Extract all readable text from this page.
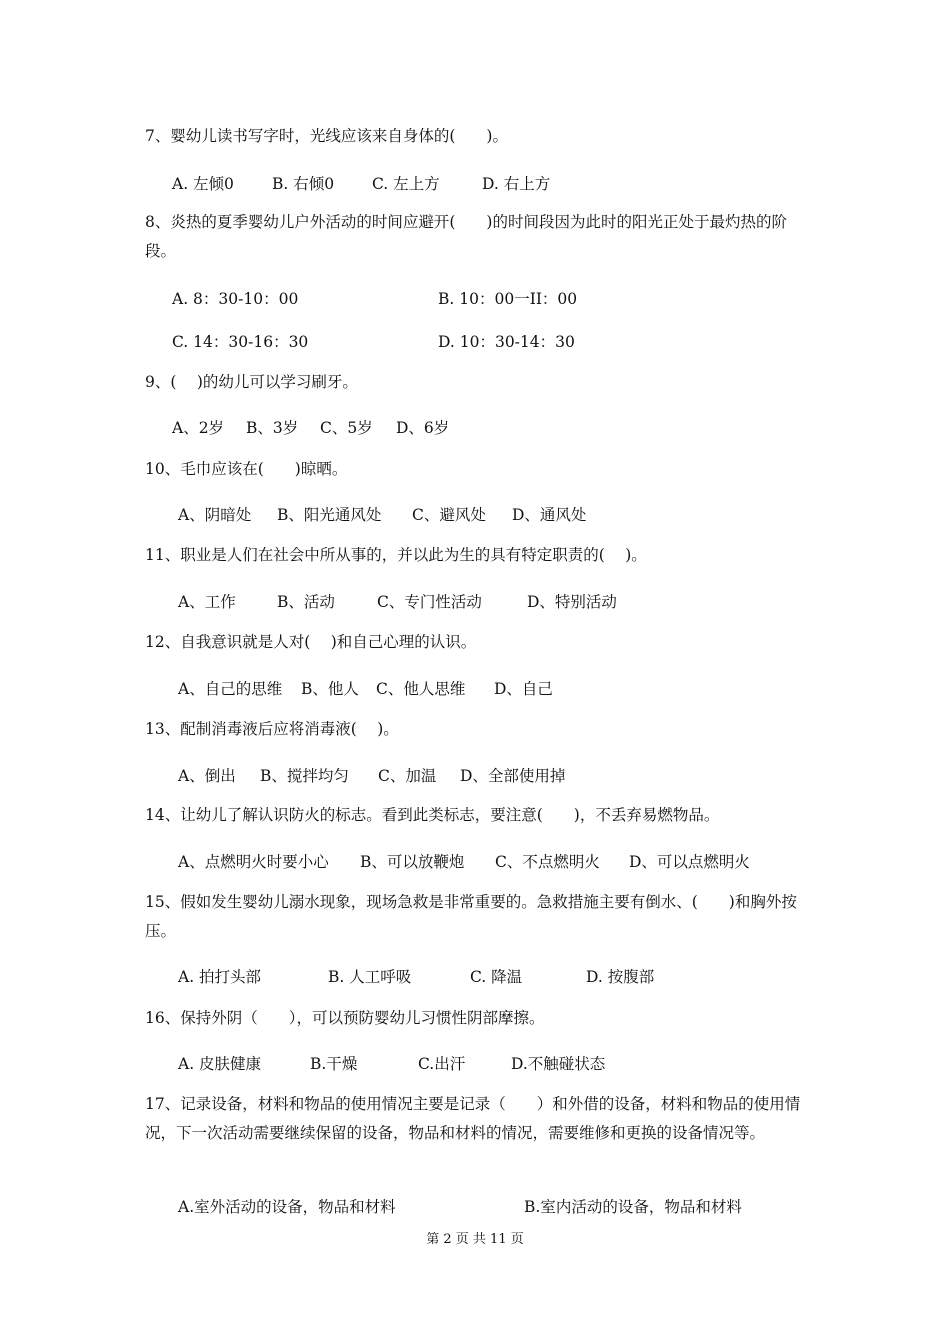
7、婴幼儿读书写字时，光线应该来自身体的(　　)。
A. 左倾0	B. 右倾0	C. 左上方	D. 右上方
8、炎热的夏季婴幼儿户外活动的时间应避开(　　)的时间段因为此时的阳光正处于最灼热的阶段。
A. 8：30-10：00	B. 10：00一II：00
C. 14：30-16：30	D. 10：30-14：30
9、(　 )的幼儿可以学习刷牙。
A、2岁	B、3岁	C、5岁	D、6岁
10、毛巾应该在(　　)晾晒。
A、阴暗处	B、阳光通风处	C、避风处	D、通风处
11、职业是人们在社会中所从事的，并以此为生的具有特定职责的(　 )。
A、工作	B、活动	C、专门性活动	D、特别活动
12、自我意识就是人对(　 )和自己心理的认识。
A、自己的思维	B、他人	C、他人思维	D、自己
13、配制消毒液后应将消毒液(　 )。
A、倒出	B、搅拌均匀	C、加温	D、全部使用掉
14、让幼儿了解认识防火的标志。看到此类标志，要注意(　　)，不丢弃易燃物品。
A、点燃明火时要小心	B、可以放鞭炮	C、不点燃明火	D、可以点燃明火
15、假如发生婴幼儿溺水现象，现场急救是非常重要的。急救措施主要有倒水、(　　)和胸外按压。
A. 拍打头部	B. 人工呼吸	C. 降温	D. 按腹部
16、保持外阴（　　），可以预防婴幼儿习惯性阴部摩擦。
A. 皮肤健康	B.干燥	C.出汗	D.不触碰状态
17、记录设备，材料和物品的使用情况主要是记录（　　）和外借的设备，材料和物品的使用情况，下一次活动需要继续保留的设备，物品和材料的情况，需要维修和更换的设备情况等。
A.室外活动的设备，物品和材料	B.室内活动的设备，物品和材料
第 2 页 共 11 页
